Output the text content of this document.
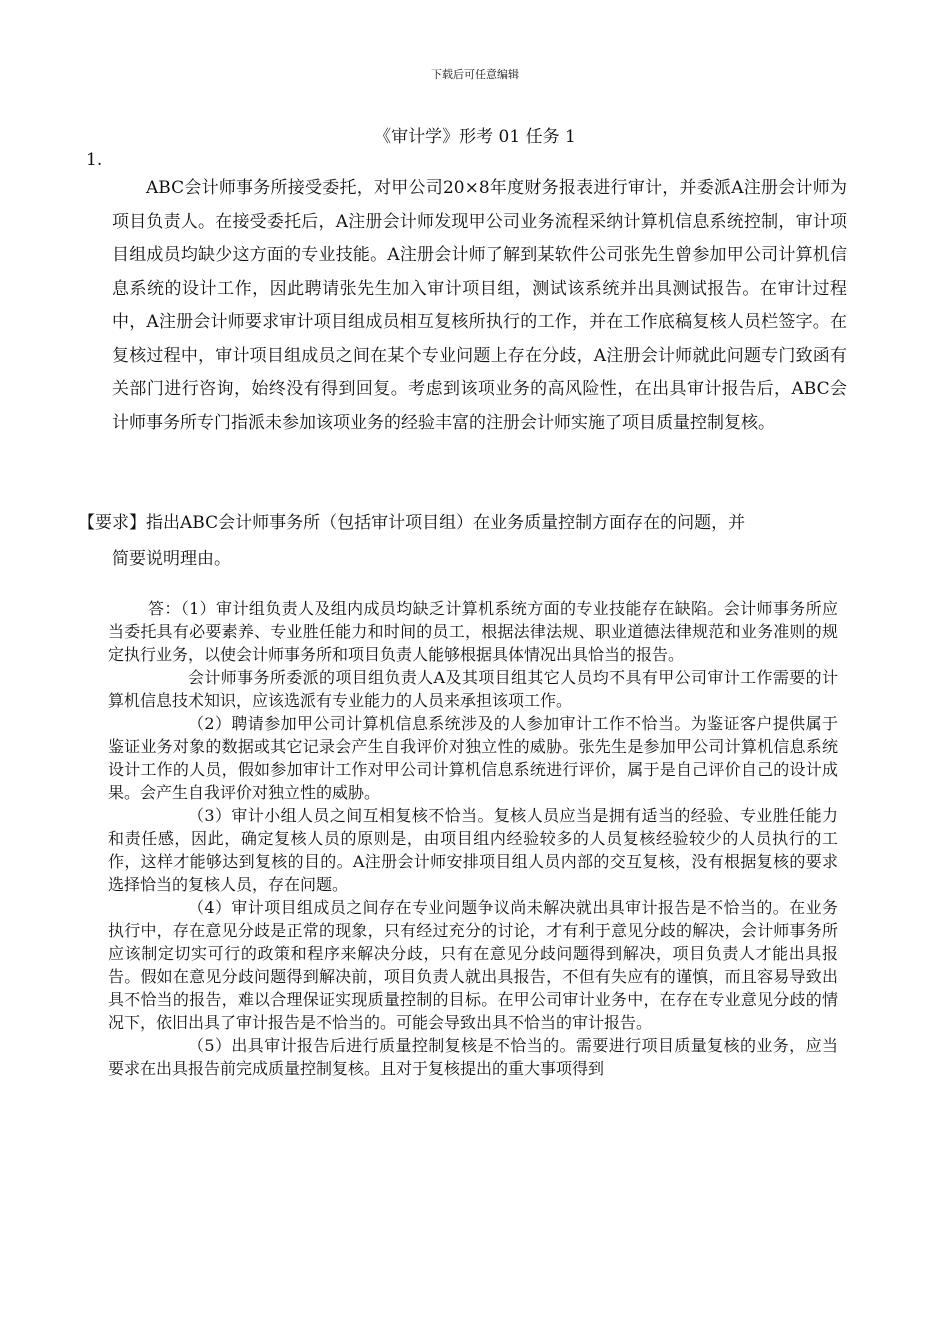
下载后可任意编辑
《审计学》形考 01 任务 1
1.
ABC会计师事务所接受委托，对甲公司20×8年度财务报表进行审计，并委派A注册会计师为项目负责人。在接受委托后，A注册会计师发现甲公司业务流程采纳计算机信息系统控制，审计项目组成员均缺少这方面的专业技能。A注册会计师了解到某软件公司张先生曾参加甲公司计算机信息系统的设计工作，因此聘请张先生加入审计项目组，测试该系统并出具测试报告。在审计过程中，A注册会计师要求审计项目组成员相互复核所执行的工作，并在工作底稿复核人员栏签字。在复核过程中，审计项目组成员之间在某个专业问题上存在分歧，A注册会计师就此问题专门致函有关部门进行咨询，始终没有得到回复。考虑到该项业务的高风险性，在出具审计报告后，ABC会计师事务所专门指派未参加该项业务的经验丰富的注册会计师实施了项目质量控制复核。
【要求】指出ABC会计师事务所（包括审计项目组）在业务质量控制方面存在的问题，并
简要说明理由。

答：（1）审计组负责人及组内成员均缺乏计算机系统方面的专业技能存在缺陷。会计师事务所应当委托具有必要素养、专业胜任能力和时间的员工，根据法律法规、职业道德法律规范和业务准则的规定执行业务，以使会计师事务所和项目负责人能够根据具体情况出具恰当的报告。

会计师事务所委派的项目组负责人A及其项目组其它人员均不具有甲公司审计工作需要的计算机信息技术知识，应该选派有专业能力的人员来承担该项工作。

（2）聘请参加甲公司计算机信息系统涉及的人参加审计工作不恰当。为鉴证客户提供属于鉴证业务对象的数据或其它记录会产生自我评价对独立性的威胁。张先生是参加甲公司计算机信息系统设计工作的人员，假如参加审计工作对甲公司计算机信息系统进行评价，属于是自己评价自己的设计成果。会产生自我评价对独立性的威胁。

（3）审计小组人员之间互相复核不恰当。复核人员应当是拥有适当的经验、专业胜任能力和责任感，因此，确定复核人员的原则是，由项目组内经验较多的人员复核经验较少的人员执行的工作，这样才能够达到复核的目的。A注册会计师安排项目组人员内部的交互复核，没有根据复核的要求选择恰当的复核人员，存在问题。

（4）审计项目组成员之间存在专业问题争议尚未解决就出具审计报告是不恰当的。在业务执行中，存在意见分歧是正常的现象，只有经过充分的讨论，才有利于意见分歧的解决，会计师事务所应该制定切实可行的政策和程序来解决分歧，只有在意见分歧问题得到解决，项目负责人才能出具报告。假如在意见分歧问题得到解决前，项目负责人就出具报告，不但有失应有的谨慎，而且容易导致出具不恰当的报告，难以合理保证实现质量控制的目标。在甲公司审计业务中，在存在专业意见分歧的情况下，依旧出具了审计报告是不恰当的。可能会导致出具不恰当的审计报告。

（5）出具审计报告后进行质量控制复核是不恰当的。需要进行项目质量复核的业务，应当要求在出具报告前完成质量控制复核。且对于复核提出的重大事项得到
